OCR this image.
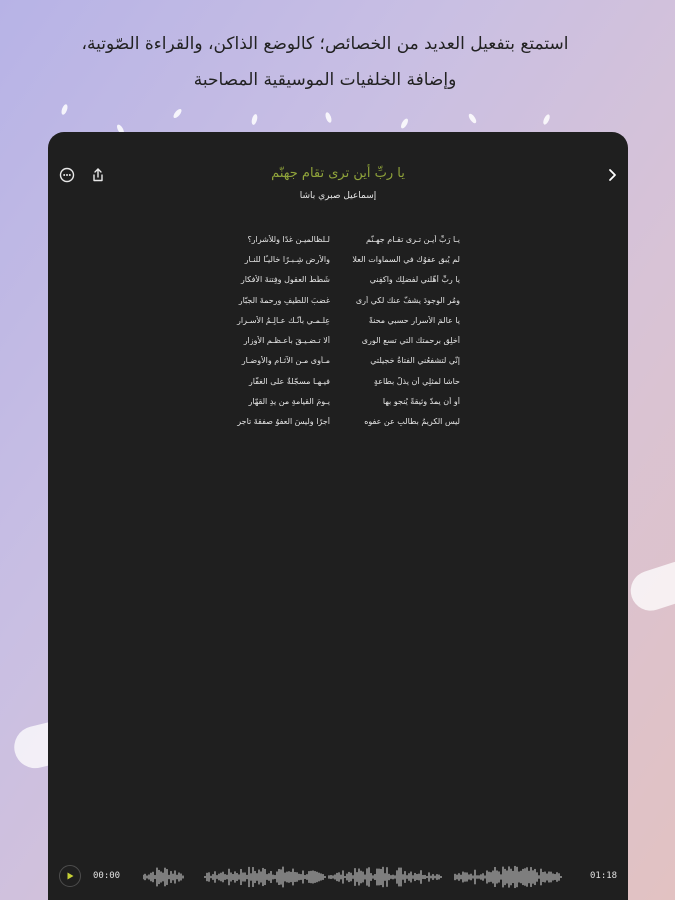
استمتع بتفعيل العديد من الخصائص؛ كالوضع الذاكن، والقراءة الصّوتية،
وإضافة الخلفيات الموسيقية المصاحبة
يا ربِّ أين ترى تقام جهنّم
إسماعيل صبري باشا
يـا رَبِّ أيـن تـرى تقـام جهـنّم
لـلظّالميـن غدًا وللأشرارِ؟
لم يُبقِ عفوُك في السماوات العلا
والأرضِ شِـبـرًا خاليـًا للنـارِ
يا ربِّ أهّلني لفضلِك واكفِني
شَطَطَ العقولِ وفِتنةَ الأفكارِ
ومُرِ الوجودَ يشفّ عنك لكي أرى
غضبَ اللّطيفِ ورحمةَ الجبّارِ
يا عالمَ الأسرارِ حسبي محنةً
عِلـمـي بأنّـك عـالِـمُ الأسـرارِ
أخلِق برحمتك التي تسع الورى
ألّا تـضـيـقَ بأعـظـمِ الأوزارِ
إنّي لتشفعُني الفتاةُ خجيلتي
مـأوى مـن الآثـامِ والأوضـارِ
حاشا لمثلِي أن يذلَّ بطاعةٍ
فيـهـا مسجّلةٌ على الغفّارِ
أو أن يمدّ وثيقةً يُنجو بها
يـومَ القيامةِ من يدِ القهّارِ
ليس الكريمُ بطالبٍ عن عفوه
أجرًا وليسَ العفوُ صفقةَ تاجرِ
00:00	01:18
